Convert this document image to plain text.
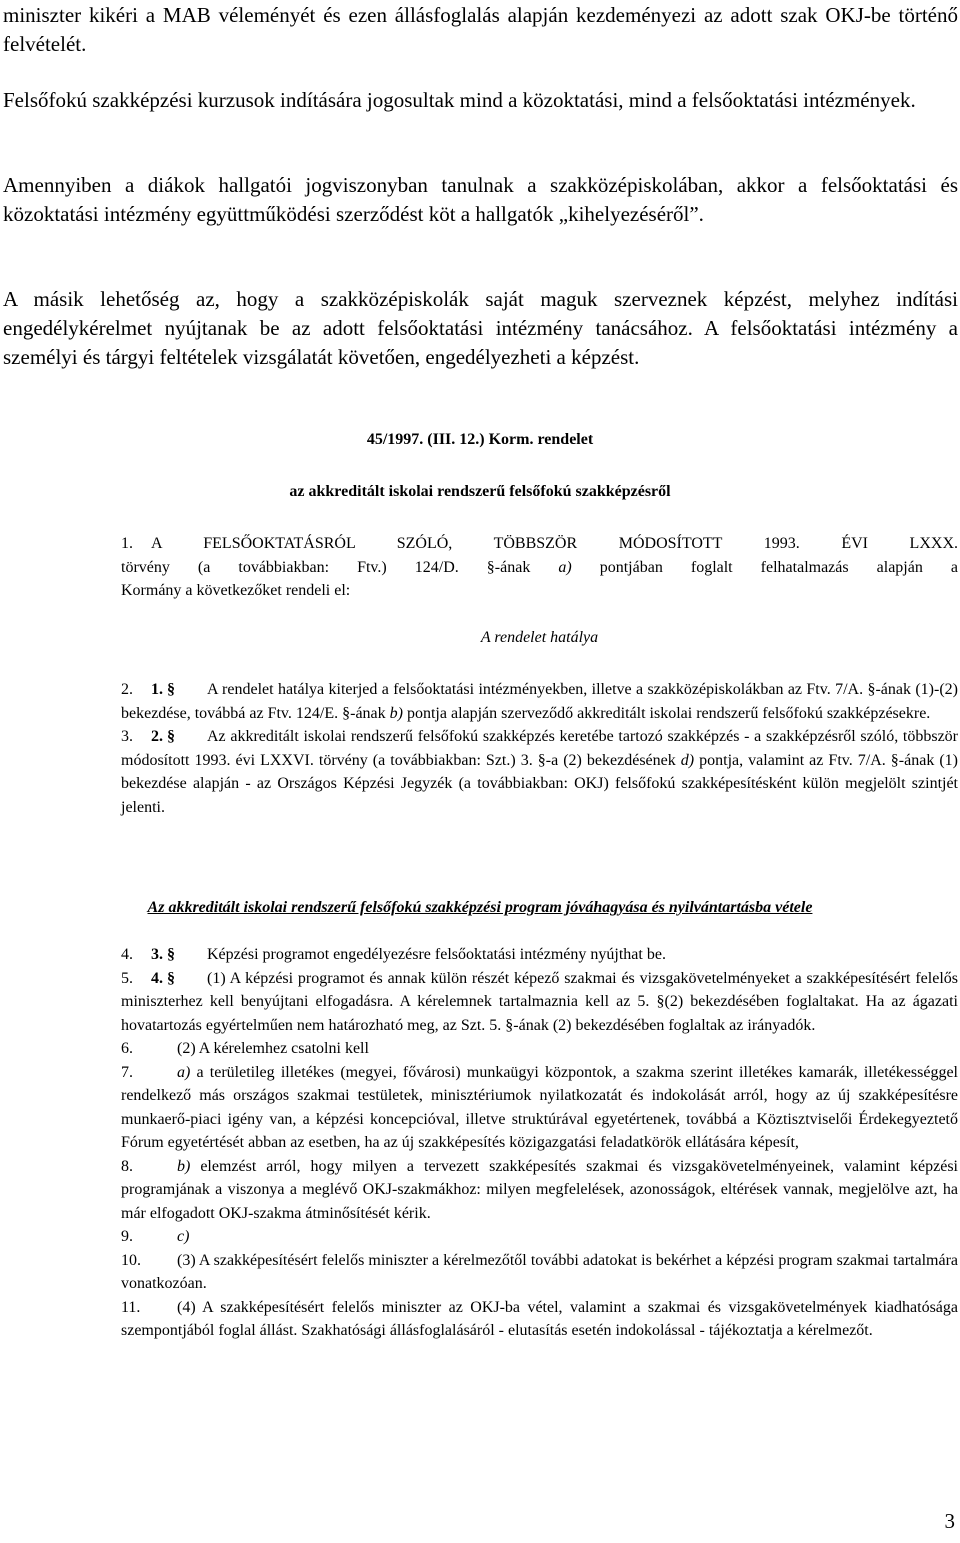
miniszter kikéri a MAB véleményét és ezen állásfoglalás alapján kezdeményezi az adott szak OKJ-be történő felvételét.

Felsőfokú szakképzési kurzusok indítására jogosultak mind a közoktatási, mind a felsőoktatási intézmények.

Amennyiben a diákok hallgatói jogviszonyban tanulnak a szakközépiskolában, akkor a felsőoktatási és közoktatási intézmény együttműködési szerződést köt a hallgatók „kihelyezéséről”.

A másik lehetőség az, hogy a szakközépiskolák saját maguk szerveznek képzést, melyhez indítási engedélykérelmet nyújtanak be az adott felsőoktatási intézmény tanácsához. A felsőoktatási intézmény a személyi és tárgyi feltételek vizsgálatát követően, engedélyezheti a képzést.

45/1997. (III. 12.) Korm. rendelet
az akkreditált iskolai rendszerű felsőfokú szakképzésről

1. A FELSŐOKTATÁSRÓL SZÓLÓ, TÖBBSZÖR MÓDOSÍTOTT 1993. ÉVI LXXX.

törvény (a továbbiakban: Ftv.) 124/D. §-ának a) pontjában foglalt felhatalmazás alapján a

Kormány a következőket rendeli el:

A rendelet hatálya

2. 1. § A rendelet hatálya kiterjed a felsőoktatási intézményekben, illetve a szakközépiskolákban az Ftv. 7/A. §-ának (1)-(2) bekezdése, továbbá az Ftv. 124/E. §-ának b) pontja alapján szerveződő akkreditált iskolai rendszerű felsőfokú szakképzésekre.

3. 2. § Az akkreditált iskolai rendszerű felsőfokú szakképzés keretébe tartozó szakképzés - a szakképzésről szóló, többször módosított 1993. évi LXXVI. törvény (a továbbiakban: Szt.) 3. §-a (2) bekezdésének d) pontja, valamint az Ftv. 7/A. §-ának (1) bekezdése alapján - az Országos Képzési Jegyzék (a továbbiakban: OKJ) felsőfokú szakképesítésként külön megjelölt szintjét jelenti.

Az akkreditált iskolai rendszerű felsőfokú szakképzési program jóváhagyása és nyilvántartásba vétele

4. 3. § Képzési programot engedélyezésre felsőoktatási intézmény nyújthat be.

5. 4. § (1) A képzési programot és annak külön részét képező szakmai és vizsgakövetelményeket a szakképesítésért felelős miniszterhez kell benyújtani elfogadásra. A kérelemnek tartalmaznia kell az 5. §(2) bekezdésében foglaltakat. Ha az ágazati hovatartozás egyértelműen nem határozható meg, az Szt. 5. §-ának (2) bekezdésében foglaltak az irányadók.

6.	(2) A kérelemhez csatolni kell

7.	a) a területileg illetékes (megyei, fővárosi) munkaügyi központok, a szakma szerint illetékes kamarák, illetékességgel rendelkező más országos szakmai testületek, minisztériumok nyilatkozatát és indokolását arról, hogy az új szakképesítésre munkaerő-piaci igény van, a képzési koncepcióval, illetve struktúrával egyetértenek, továbbá a Köztisztviselői Érdekegyeztető Fórum egyetértését abban az esetben, ha az új szakképesítés közigazgatási feladatkörök ellátására képesít,

8.	b) elemzést arról, hogy milyen a tervezett szakképesítés szakmai és vizsgakövetelményeinek, valamint képzési programjának a viszonya a meglévő OKJ-szakmákhoz: milyen megfelelések, azonosságok, eltérések vannak, megjelölve azt, ha már elfogadott OKJ-szakma átminősítését kérik.

9.	c)

10. (3) A szakképesítésért felelős miniszter a kérelmezőtől további adatokat is bekérhet a képzési program szakmai tartalmára vonatkozóan.

11. (4) A szakképesítésért felelős miniszter az OKJ-ba vétel, valamint a szakmai és vizsgakövetelmények kiadhatósága szempontjából foglal állást. Szakhatósági állásfoglalásáról - elutasítás esetén indokolással - tájékoztatja a kérelmezőt.

3
